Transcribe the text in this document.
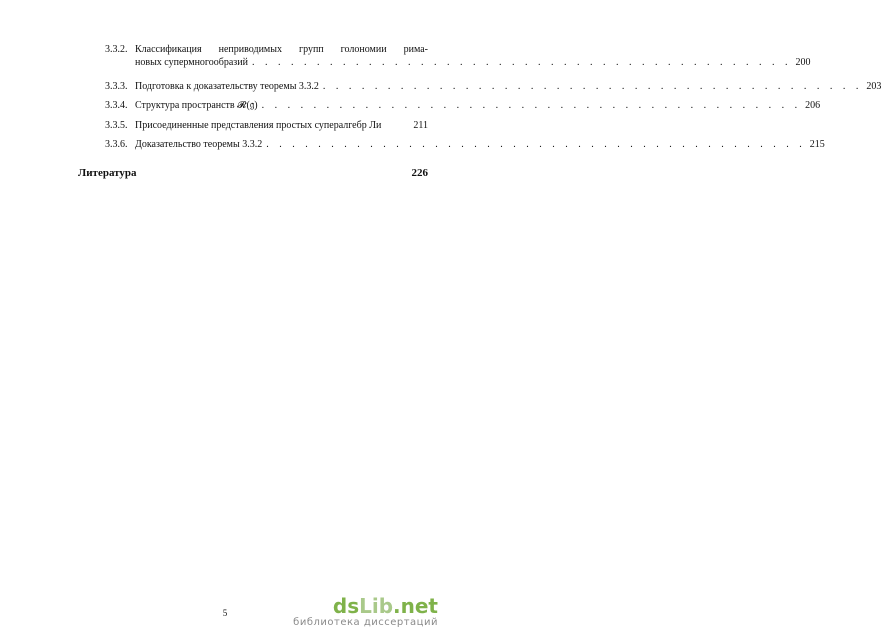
3.3.2. Классификация неприводимых групп голономии рима-
новых супермногообразий . . . . . . . . . . . . . . . . . . . . . . . . . . . . . . . . . . . . . . . . . . 200
3.3.3. Подготовка к доказательству теоремы 3.3.2 . . . . . . . . . . . . . . . . . . . . . . . . . . . . . . . . . . . . . . . . . . 203
3.3.4. Структура пространств 𝓡(𝔤) . . . . . . . . . . . . . . . . . . . . . . . . . . . . . . . . . . . . . . . . . . 206
3.3.5. Присоединенные представления простых супералгебр Ли	211
3.3.6. Доказательство теоремы 3.3.2 . . . . . . . . . . . . . . . . . . . . . . . . . . . . . . . . . . . . . . . . . . 215
Литература	226
5	dsLib.net
библиотека диссертаций
